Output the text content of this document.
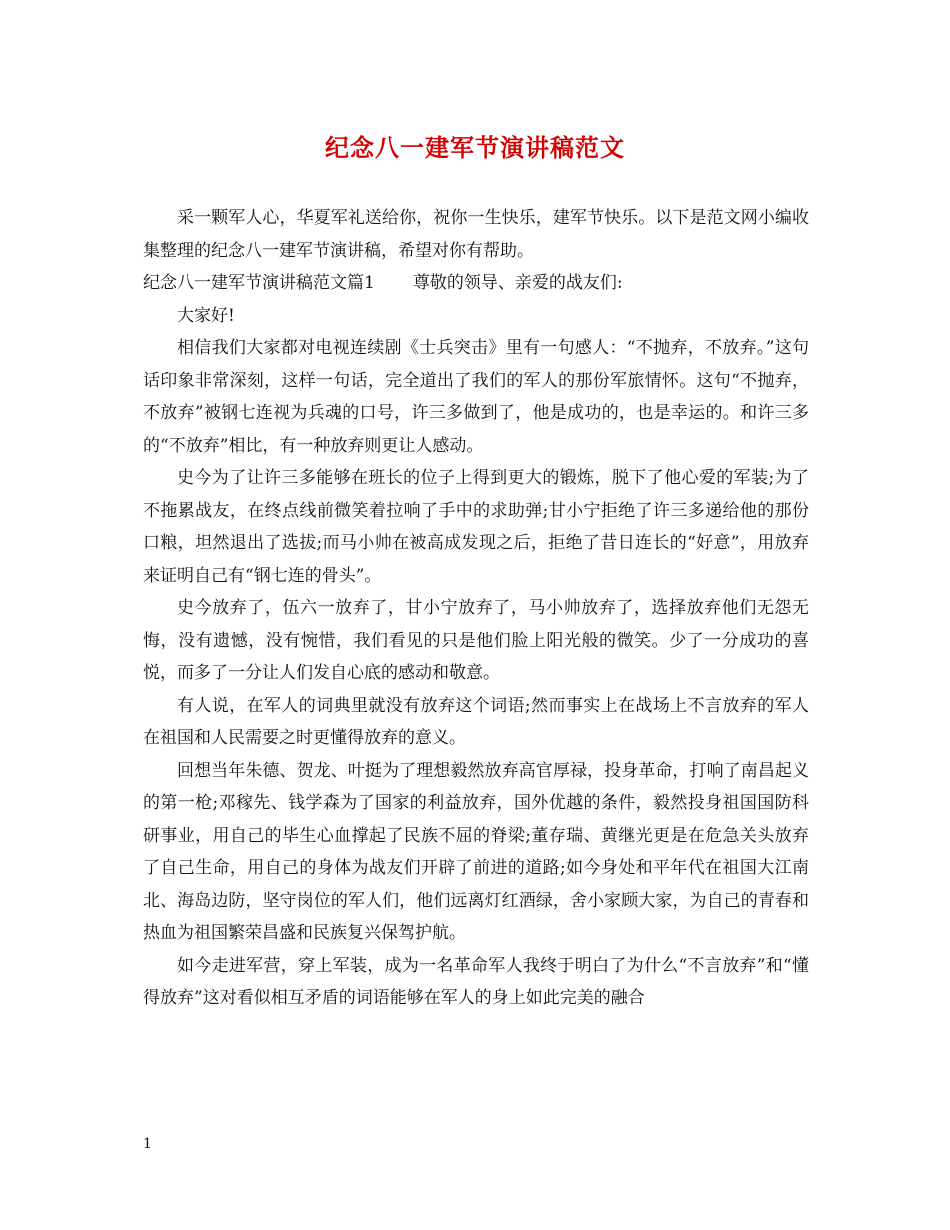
纪念八一建军节演讲稿范文

采一颗军人心，华夏军礼送给你，祝你一生快乐，建军节快乐。以下是范文网小编收集整理的纪念八一建军节演讲稿，希望对你有帮助。

纪念八一建军节演讲稿范文篇1 尊敬的领导、亲爱的战友们:

大家好!

相信我们大家都对电视连续剧《士兵突击》里有一句感人：“不抛弃，不放弃。”这句话印象非常深刻，这样一句话，完全道出了我们的军人的那份军旅情怀。这句“不抛弃，不放弃”被钢七连视为兵魂的口号，许三多做到了，他是成功的，也是幸运的。和许三多的“不放弃”相比，有一种放弃则更让人感动。

史今为了让许三多能够在班长的位子上得到更大的锻炼，脱下了他心爱的军装;为了不拖累战友，在终点线前微笑着拉响了手中的求助弹;甘小宁拒绝了许三多递给他的那份口粮，坦然退出了选拔;而马小帅在被高成发现之后，拒绝了昔日连长的“好意”，用放弃来证明自己有“钢七连的骨头”。

史今放弃了，伍六一放弃了，甘小宁放弃了，马小帅放弃了，选择放弃他们无怨无悔，没有遗憾，没有惋惜，我们看见的只是他们脸上阳光般的微笑。少了一分成功的喜悦，而多了一分让人们发自心底的感动和敬意。

有人说，在军人的词典里就没有放弃这个词语;然而事实上在战场上不言放弃的军人在祖国和人民需要之时更懂得放弃的意义。

回想当年朱德、贺龙、叶挺为了理想毅然放弃高官厚禄，投身革命，打响了南昌起义的第一枪;邓稼先、钱学森为了国家的利益放弃，国外优越的条件，毅然投身祖国国防科研事业，用自己的毕生心血撑起了民族不屈的脊梁;董存瑞、黄继光更是在危急关头放弃了自己生命，用自己的身体为战友们开辟了前进的道路;如今身处和平年代在祖国大江南北、海岛边防，坚守岗位的军人们，他们远离灯红酒绿，舍小家顾大家，为自己的青春和热血为祖国繁荣昌盛和民族复兴保驾护航。

如今走进军营，穿上军装，成为一名革命军人我终于明白了为什么“不言放弃”和“懂得放弃”这对看似相互矛盾的词语能够在军人的身上如此完美的融合

1
